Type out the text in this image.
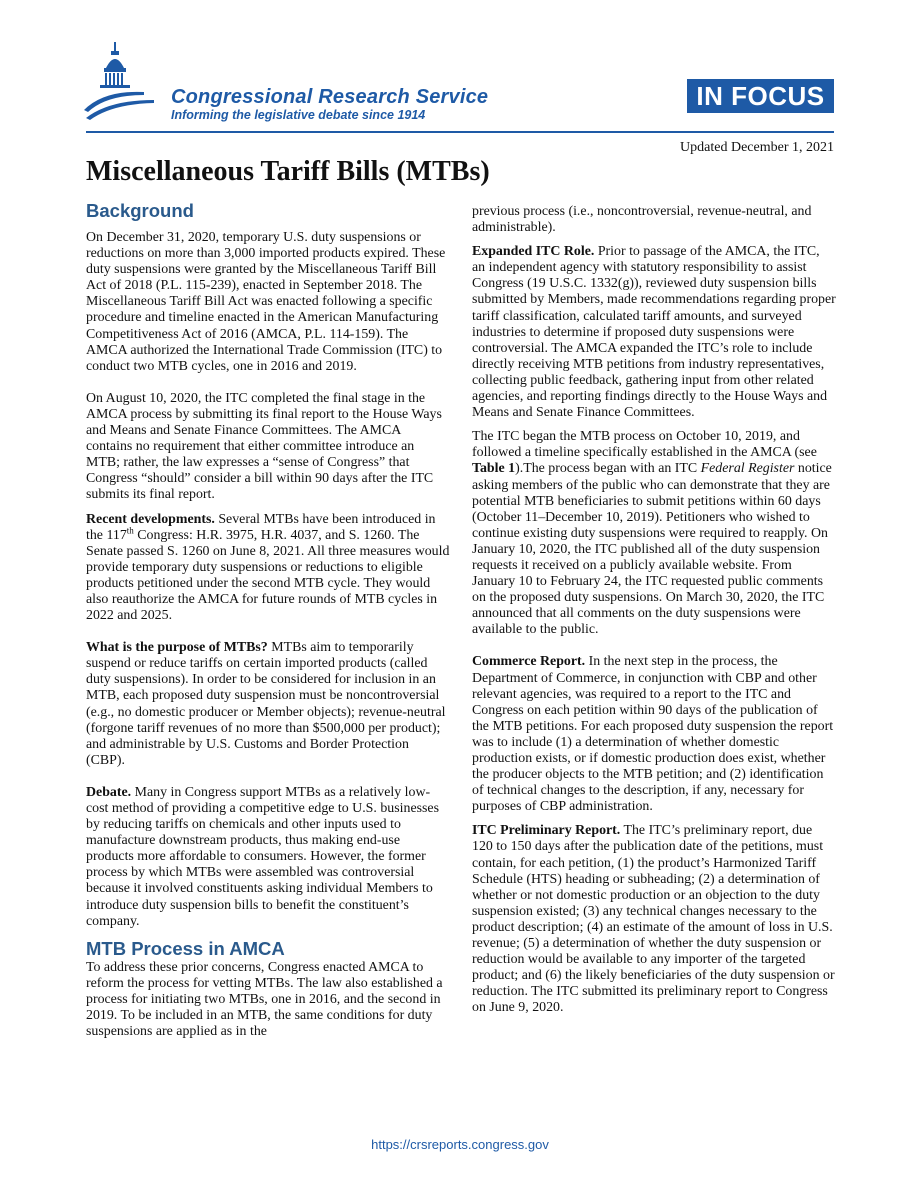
Congressional Research Service
Informing the legislative debate since 1914
IN FOCUS
Updated December 1, 2021
Miscellaneous Tariff Bills (MTBs)
Background

On December 31, 2020, temporary U.S. duty suspensions or reductions on more than 3,000 imported products expired. These duty suspensions were granted by the Miscellaneous Tariff Bill Act of 2018 (P.L. 115-239), enacted in September 2018. The Miscellaneous Tariff Bill Act was enacted following a specific procedure and timeline enacted in the American Manufacturing Competitiveness Act of 2016 (AMCA, P.L. 114-159). The AMCA authorized the International Trade Commission (ITC) to conduct two MTB cycles, one in 2016 and 2019.

On August 10, 2020, the ITC completed the final stage in the AMCA process by submitting its final report to the House Ways and Means and Senate Finance Committees. The AMCA contains no requirement that either committee introduce an MTB; rather, the law expresses a “sense of Congress” that Congress “should” consider a bill within 90 days after the ITC submits its final report.

Recent developments. Several MTBs have been introduced in the 117th Congress: H.R. 3975, H.R. 4037, and S. 1260. The Senate passed S. 1260 on June 8, 2021. All three measures would provide temporary duty suspensions or reductions to eligible products petitioned under the second MTB cycle. They would also reauthorize the AMCA for future rounds of MTB cycles in 2022 and 2025.

What is the purpose of MTBs? MTBs aim to temporarily suspend or reduce tariffs on certain imported products (called duty suspensions). In order to be considered for inclusion in an MTB, each proposed duty suspension must be noncontroversial (e.g., no domestic producer or Member objects); revenue-neutral (forgone tariff revenues of no more than $500,000 per product); and administrable by U.S. Customs and Border Protection (CBP).

Debate. Many in Congress support MTBs as a relatively low-cost method of providing a competitive edge to U.S. businesses by reducing tariffs on chemicals and other inputs used to manufacture downstream products, thus making end-use products more affordable to consumers. However, the former process by which MTBs were assembled was controversial because it involved constituents asking individual Members to introduce duty suspension bills to benefit the constituent’s company.

MTB Process in AMCA

To address these prior concerns, Congress enacted AMCA to reform the process for vetting MTBs. The law also established a process for initiating two MTBs, one in 2016, and the second in 2019. To be included in an MTB, the same conditions for duty suspensions are applied as in the

previous process (i.e., noncontroversial, revenue-neutral, and administrable).

Expanded ITC Role. Prior to passage of the AMCA, the ITC, an independent agency with statutory responsibility to assist Congress (19 U.S.C. 1332(g)), reviewed duty suspension bills submitted by Members, made recommendations regarding proper tariff classification, calculated tariff amounts, and surveyed industries to determine if proposed duty suspensions were controversial. The AMCA expanded the ITC’s role to include directly receiving MTB petitions from industry representatives, collecting public feedback, gathering input from other related agencies, and reporting findings directly to the House Ways and Means and Senate Finance Committees.

The ITC began the MTB process on October 10, 2019, and followed a timeline specifically established in the AMCA (see Table 1).The process began with an ITC Federal Register notice asking members of the public who can demonstrate that they are potential MTB beneficiaries to submit petitions within 60 days (October 11–December 10, 2019). Petitioners who wished to continue existing duty suspensions were required to reapply. On January 10, 2020, the ITC published all of the duty suspension requests it received on a publicly available website. From January 10 to February 24, the ITC requested public comments on the proposed duty suspensions. On March 30, 2020, the ITC announced that all comments on the duty suspensions were available to the public.

Commerce Report. In the next step in the process, the Department of Commerce, in conjunction with CBP and other relevant agencies, was required to a report to the ITC and Congress on each petition within 90 days of the publication of the MTB petitions. For each proposed duty suspension the report was to include (1) a determination of whether domestic production exists, or if domestic production does exist, whether the producer objects to the MTB petition; and (2) identification of technical changes to the description, if any, necessary for purposes of CBP administration.

ITC Preliminary Report. The ITC’s preliminary report, due 120 to 150 days after the publication date of the petitions, must contain, for each petition, (1) the product’s Harmonized Tariff Schedule (HTS) heading or subheading; (2) a determination of whether or not domestic production or an objection to the duty suspension existed; (3) any technical changes necessary to the product description; (4) an estimate of the amount of loss in U.S. revenue; (5) a determination of whether the duty suspension or reduction would be available to any importer of the targeted product; and (6) the likely beneficiaries of the duty suspension or reduction. The ITC submitted its preliminary report to Congress on June 9, 2020.

https://crsreports.congress.gov
